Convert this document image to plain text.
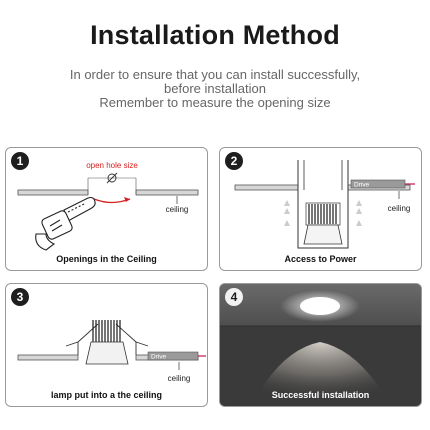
Installation Method
In order to ensure that you can install successfully,
before installation
Remember to measure the opening size
1
ceiling
open hole size
Openings in the Ceiling
2
Drive
ceiling
Access to Power
3
Drive
ceiling
lamp put into a the ceiling
4
Successful installation
